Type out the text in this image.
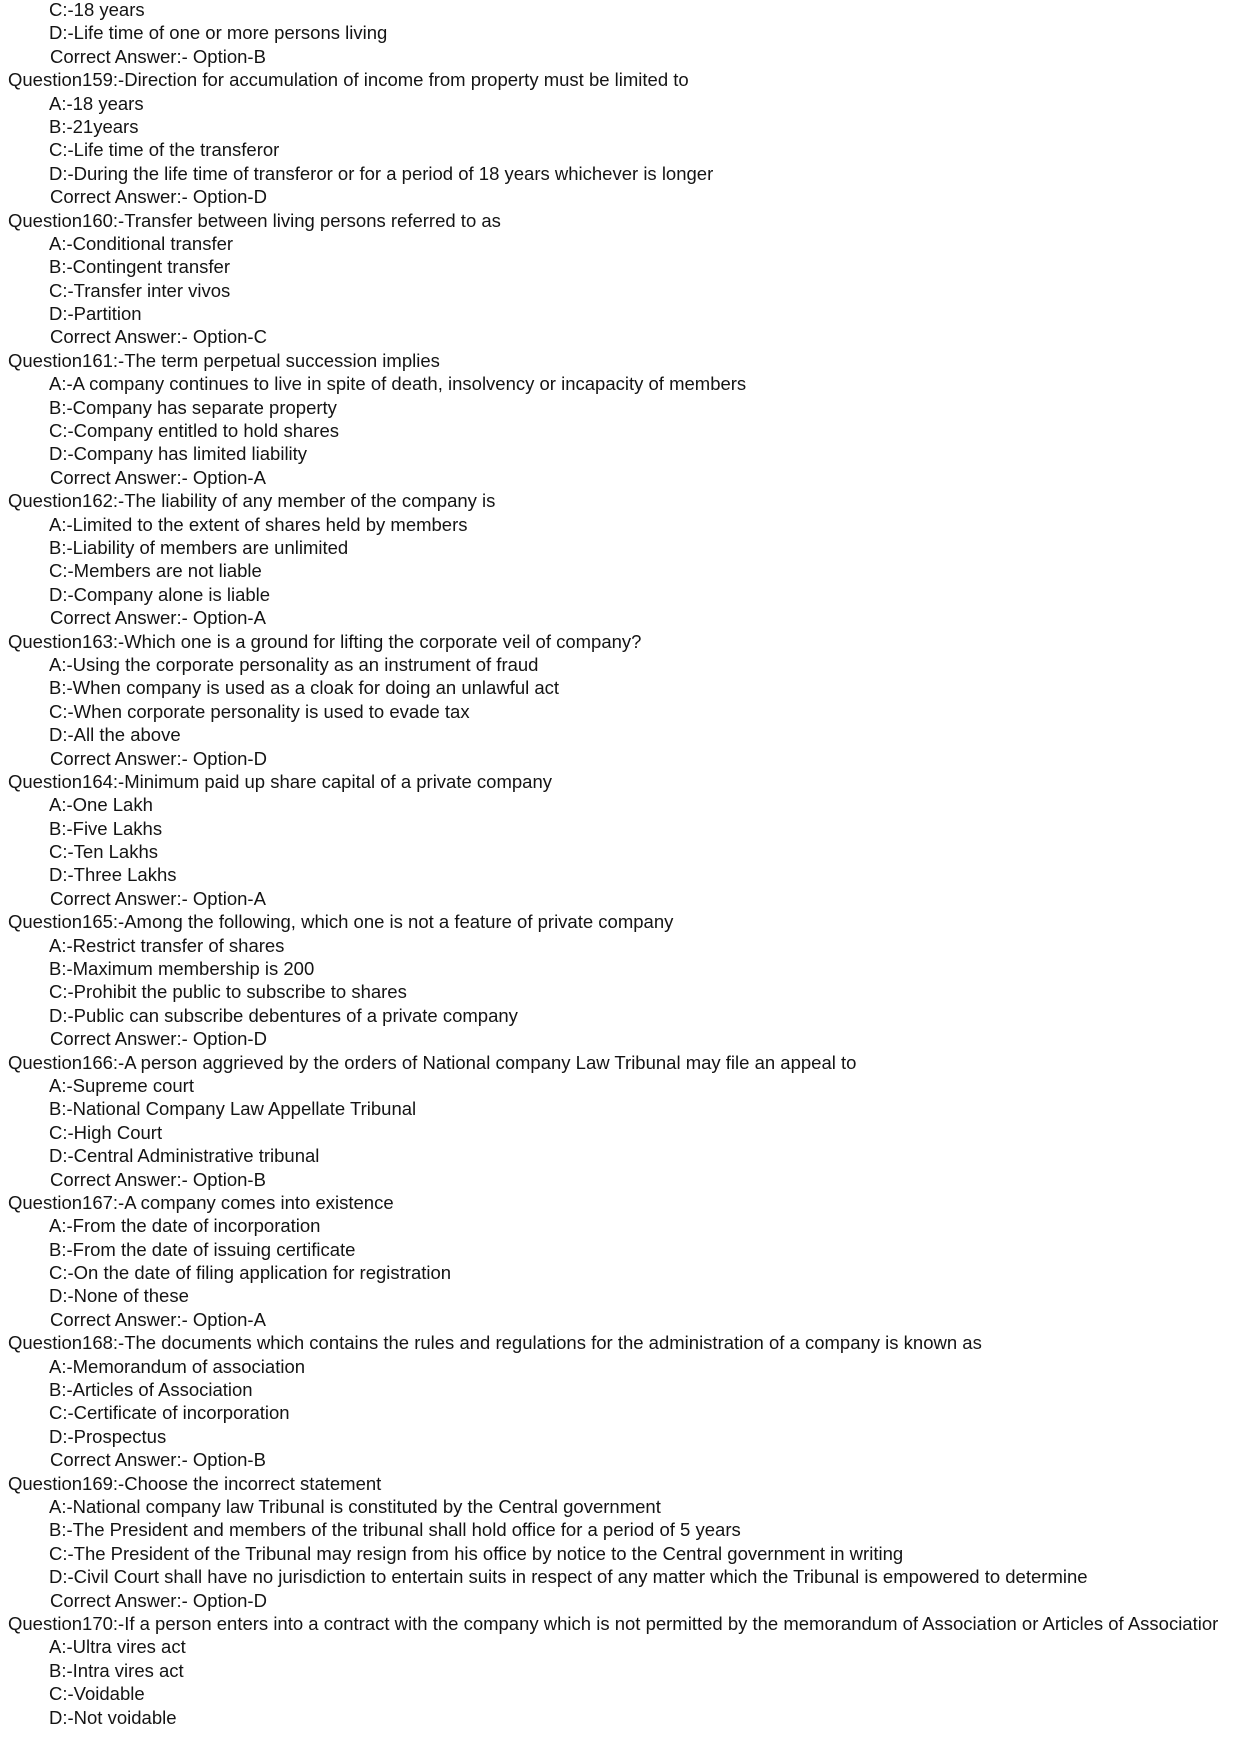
C:-18 years
D:-Life time of one or more persons living
Correct Answer:- Option-B
Question159:-Direction for accumulation of income from property must be limited to
A:-18 years
B:-21years
C:-Life time of the transferor
D:-During the life time of transferor or for a period of 18 years whichever is longer
Correct Answer:- Option-D
Question160:-Transfer between living persons referred to as
A:-Conditional transfer
B:-Contingent transfer
C:-Transfer inter vivos
D:-Partition
Correct Answer:- Option-C
Question161:-The term perpetual succession implies
A:-A company continues to live in spite of death, insolvency or incapacity of members
B:-Company has separate property
C:-Company entitled to hold shares
D:-Company has limited liability
Correct Answer:- Option-A
Question162:-The liability of any member of the company is
A:-Limited to the extent of shares held by members
B:-Liability of members are unlimited
C:-Members are not liable
D:-Company alone is liable
Correct Answer:- Option-A
Question163:-Which one is a ground for lifting the corporate veil of company?
A:-Using the corporate personality as an instrument of fraud
B:-When company is used as a cloak for doing an unlawful act
C:-When corporate personality is used to evade tax
D:-All the above
Correct Answer:- Option-D
Question164:-Minimum paid up share capital of a private company
A:-One Lakh
B:-Five Lakhs
C:-Ten Lakhs
D:-Three Lakhs
Correct Answer:- Option-A
Question165:-Among the following, which one is not a feature of private company
A:-Restrict transfer of shares
B:-Maximum membership is 200
C:-Prohibit the public to subscribe to shares
D:-Public can subscribe debentures of a private company
Correct Answer:- Option-D
Question166:-A person aggrieved by the orders of National company Law Tribunal may file an appeal to
A:-Supreme court
B:-National Company Law Appellate Tribunal
C:-High Court
D:-Central Administrative tribunal
Correct Answer:- Option-B
Question167:-A company comes into existence
A:-From the date of incorporation
B:-From the date of issuing certificate
C:-On the date of filing application for registration
D:-None of these
Correct Answer:- Option-A
Question168:-The documents which contains the rules and regulations for the administration of a company is known as
A:-Memorandum of association
B:-Articles of Association
C:-Certificate of incorporation
D:-Prospectus
Correct Answer:- Option-B
Question169:-Choose the incorrect statement
A:-National company law Tribunal is constituted by the Central government
B:-The President and members of the tribunal shall hold office for a period of 5 years
C:-The President of the Tribunal may resign from his office by notice to the Central government in writing
D:-Civil Court shall have no jurisdiction to entertain suits in respect of any matter which the Tribunal is empowered to determine
Correct Answer:- Option-D
Question170:-If a person enters into a contract with the company which is not permitted by the memorandum of Association or Articles of Associatior
A:-Ultra vires act
B:-Intra vires act
C:-Voidable
D:-Not voidable
